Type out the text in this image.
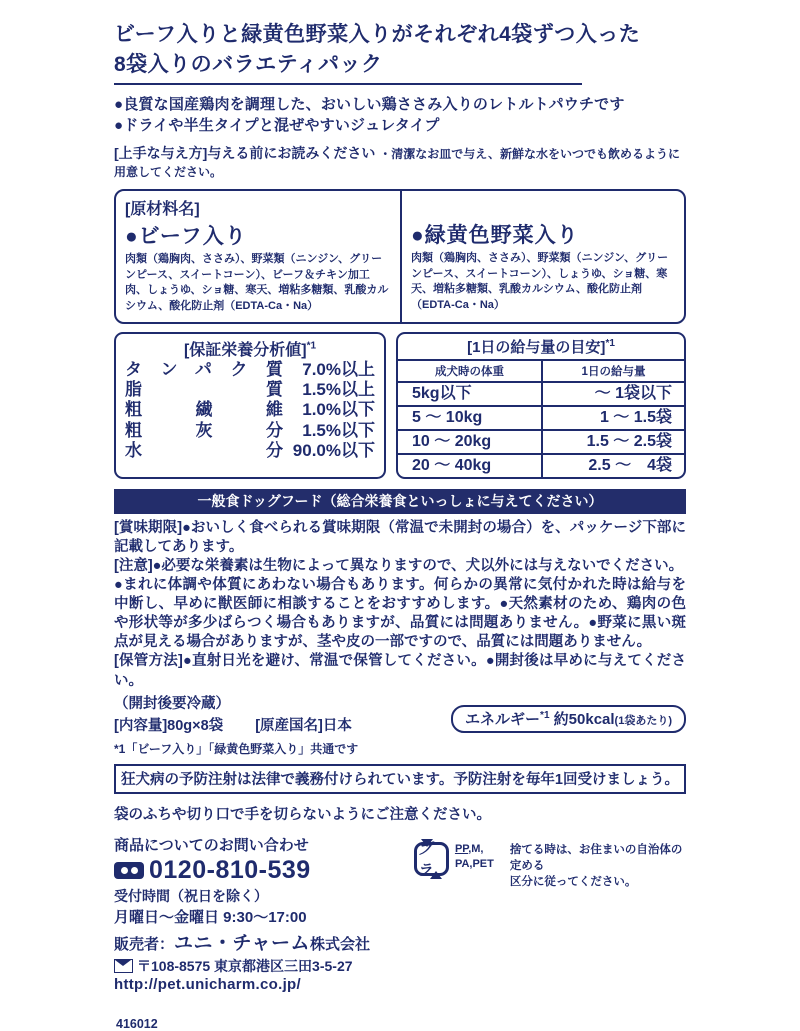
ビーフ入りと緑黄色野菜入りがそれぞれ4袋ずつ入った
8袋入りのバラエティパック
●良質な国産鶏肉を調理した、おいしい鶏ささみ入りのレトルトパウチです
●ドライや半生タイプと混ぜやすいジュレタイプ
[上手な与え方]与える前にお読みください ・清潔なお皿で与え、新鮮な水をいつでも飲めるように用意してください。
[原材料名]
●ビーフ入り
肉類（鶏胸肉、ささみ）、野菜類（ニンジン、グリーンピース、スイートコーン）、ビーフ＆チキン加工肉、しょうゆ、ショ糖、寒天、増粘多糖類、乳酸カルシウム、酸化防止剤（EDTA-Ca・Na）
●緑黄色野菜入り
肉類（鶏胸肉、ささみ）、野菜類（ニンジン、グリーンピース、スイートコーン）、しょうゆ、ショ糖、寒天、増粘多糖類、乳酸カルシウム、酸化防止剤（EDTA-Ca・Na）
[保証栄養分析値]$^{*1}$
タンパク質	7.0%以上
脂質	1.5%以上
粗繊維	1.0%以下
粗灰分	1.5%以下
水分 90.0%以下
[1日の給与量の目安]$^{*1}$
成犬時の体重	1日の給与量
5kg以下	～ 1袋以下
5 ～ 10kg	1 ～ 1.5袋
10 ～ 20kg	1.5 ～ 2.5袋
20 ～ 40kg	2.5 ～　4袋
一般食ドッグフード（総合栄養食といっしょに与えてください）

[賞味期限]●おいしく食べられる賞味期限（常温で未開封の場合）を、パッケージ下部に記載してあります。

[注意]●必要な栄養素は生物によって異なりますので、犬以外には与えないでください。

●まれに体調や体質にあわない場合もあります。何らかの異常に気付かれた時は給与を中断し、早めに獣医師に相談することをおすすめします。●天然素材のため、鶏肉の色や形状等が多少ばらつく場合もありますが、品質には問題ありません。●野菜に黒い斑点が見える場合がありますが、茎や皮の一部ですので、品質には問題ありません。

[保管方法]●直射日光を避け、常温で保管してください。●開封後は早めに与えてください。

（開封後要冷蔵）
[内容量]80g×8袋 [原産国名]日本	エネルギー$^{*1}$ 約50kcal(1袋あたり)
*1「ビーフ入り」「緑黄色野菜入り」共通です
狂犬病の予防注射は法律で義務付けられています。予防注射を毎年1回受けましょう。
袋のふちや切り口で手を切らないようにご注意ください。
商品についてのお問い合わせ
0120-810-539
受付時間（祝日を除く）
月曜日～金曜日 9:30～17:00
販売者：ユニ・チャーム株式会社
〒108-8575 東京都港区三田3-5-27
http://pet.unicharm.co.jp/
プラ
PP,M,
PA,PET
捨てる時は、お住まいの自治体の定める
区分に従ってください。
416012
